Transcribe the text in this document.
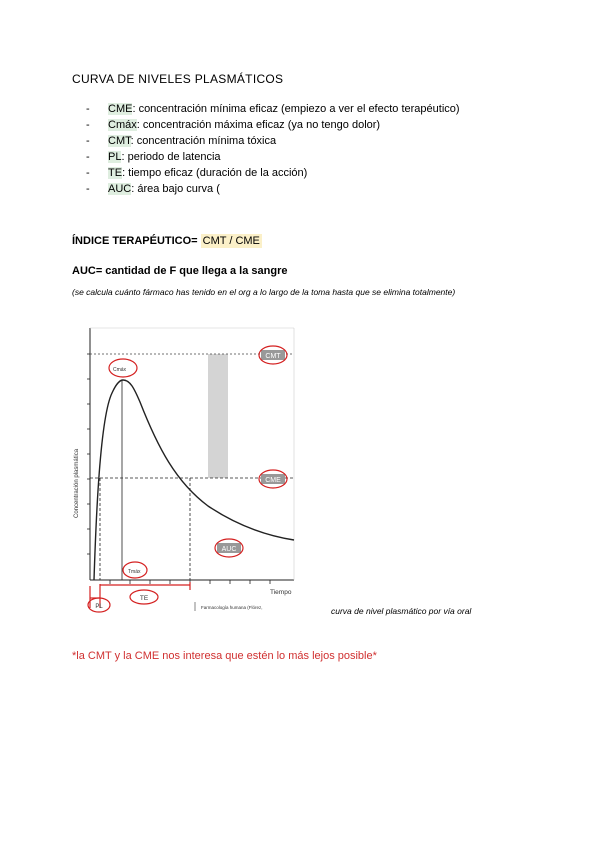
CURVA DE NIVELES PLASMÁTICOS
- CME: concentración mínima eficaz (empiezo a ver el efecto terapéutico)
- Cmáx: concentración máxima eficaz (ya no tengo dolor)
- CMT: concentración mínima tóxica
- PL: periodo de latencia
- TE: tiempo eficaz (duración de la acción)
- AUC: área bajo curva (
ÍNDICE TERAPÉUTICO= CMT / CME
AUC= cantidad de F que llega a la sangre
(se calcula cuánto fármaco has tenido en el org a lo largo de la toma hasta que se elimina totalmente)
Concentración plasmática
Tiempo
CMT
CME
AUC
Cmáx
Tmáx
PL
TE
Farmacología humana (Flórez,	curva de nivel plasmático por vía oral
*la CMT y la CME nos interesa que estén lo más lejos posible*
